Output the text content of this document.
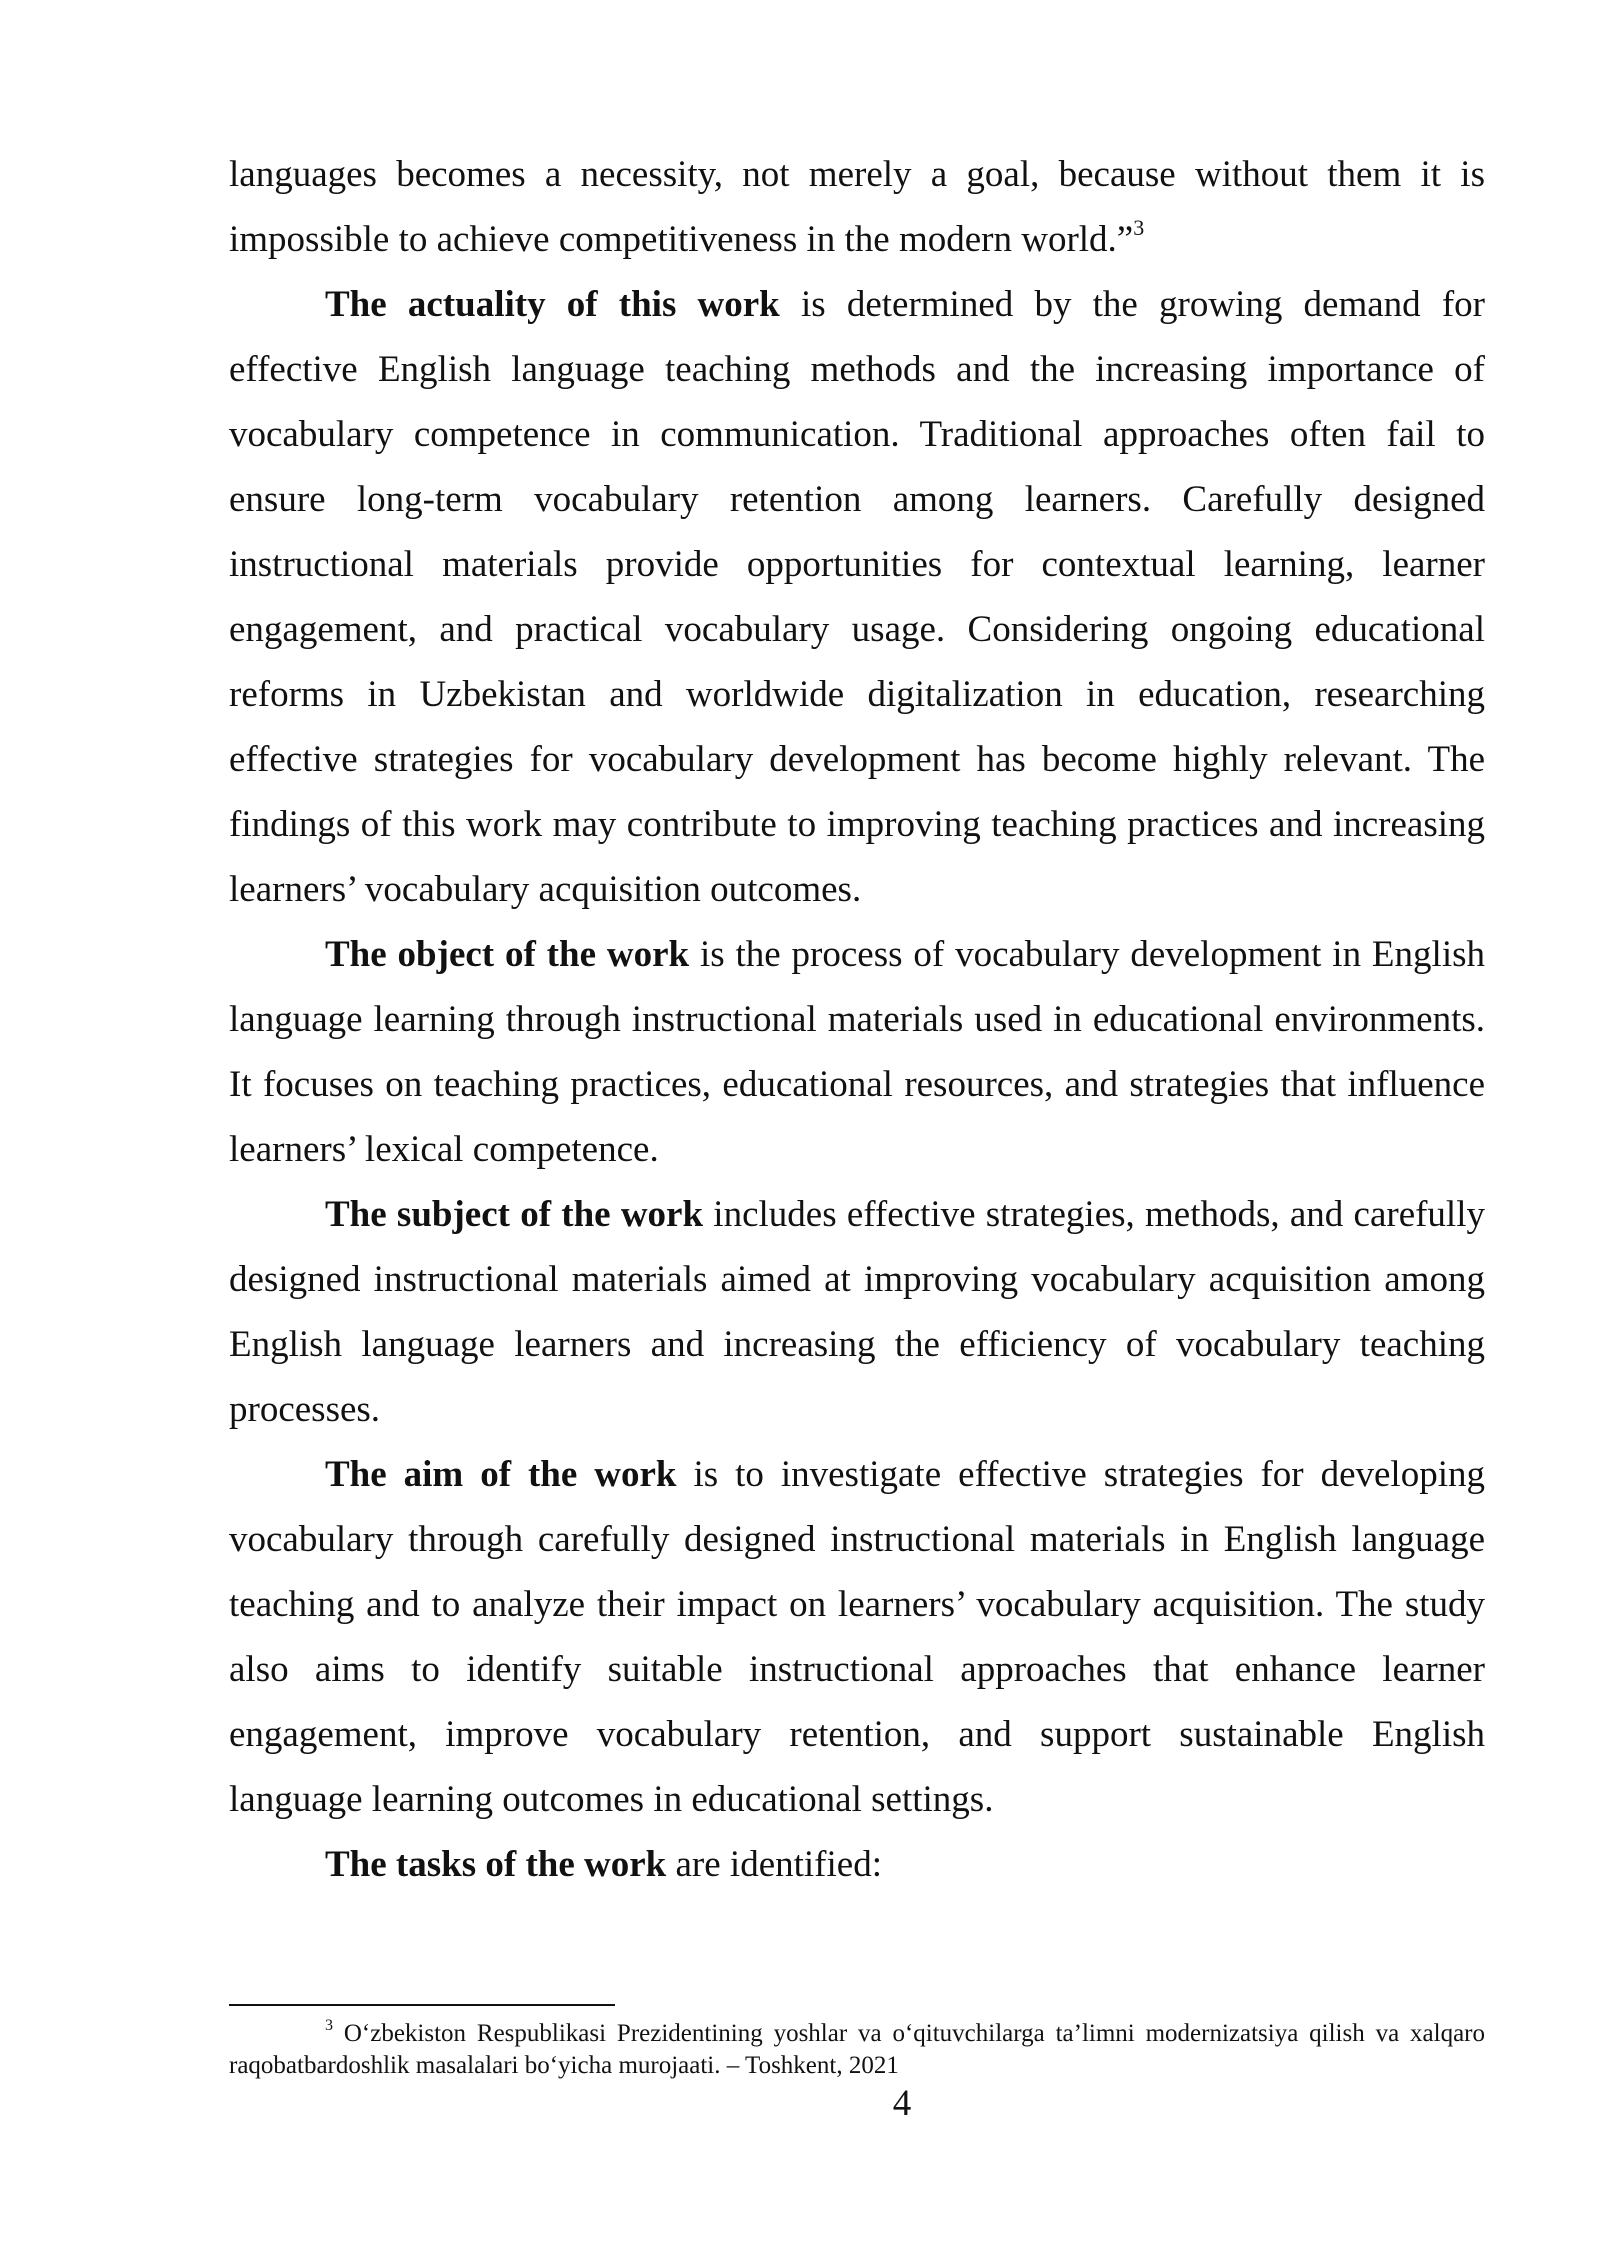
languages becomes a necessity, not merely a goal, because without them it is impossible to achieve competitiveness in the modern world.”$^3$

The actuality of this work is determined by the growing demand for effective English language teaching methods and the increasing importance of vocabulary competence in communication. Traditional approaches often fail to ensure long-term vocabulary retention among learners. Carefully designed instructional materials provide opportunities for contextual learning, learner engagement, and practical vocabulary usage. Considering ongoing educational reforms in Uzbekistan and worldwide digitalization in education, researching effective strategies for vocabulary development has become highly relevant. The findings of this work may contribute to improving teaching practices and increasing learners’ vocabulary acquisition outcomes.

The object of the work is the process of vocabulary development in English language learning through instructional materials used in educational environments. It focuses on teaching practices, educational resources, and strategies that influence learners’ lexical competence.

The subject of the work includes effective strategies, methods, and carefully designed instructional materials aimed at improving vocabulary acquisition among English language learners and increasing the efficiency of vocabulary teaching processes.

The aim of the work is to investigate effective strategies for developing vocabulary through carefully designed instructional materials in English language teaching and to analyze their impact on learners’ vocabulary acquisition. The study also aims to identify suitable instructional approaches that enhance learner engagement, improve vocabulary retention, and support sustainable English language learning outcomes in educational settings.

The tasks of the work are identified:

$^3$ O‘zbekiston Respublikasi Prezidentining yoshlar va o‘qituvchilarga ta’limni modernizatsiya qilish va xalqaro raqobatbardoshlik masalalari bo‘yicha murojaati. – Toshkent, 2021
4
